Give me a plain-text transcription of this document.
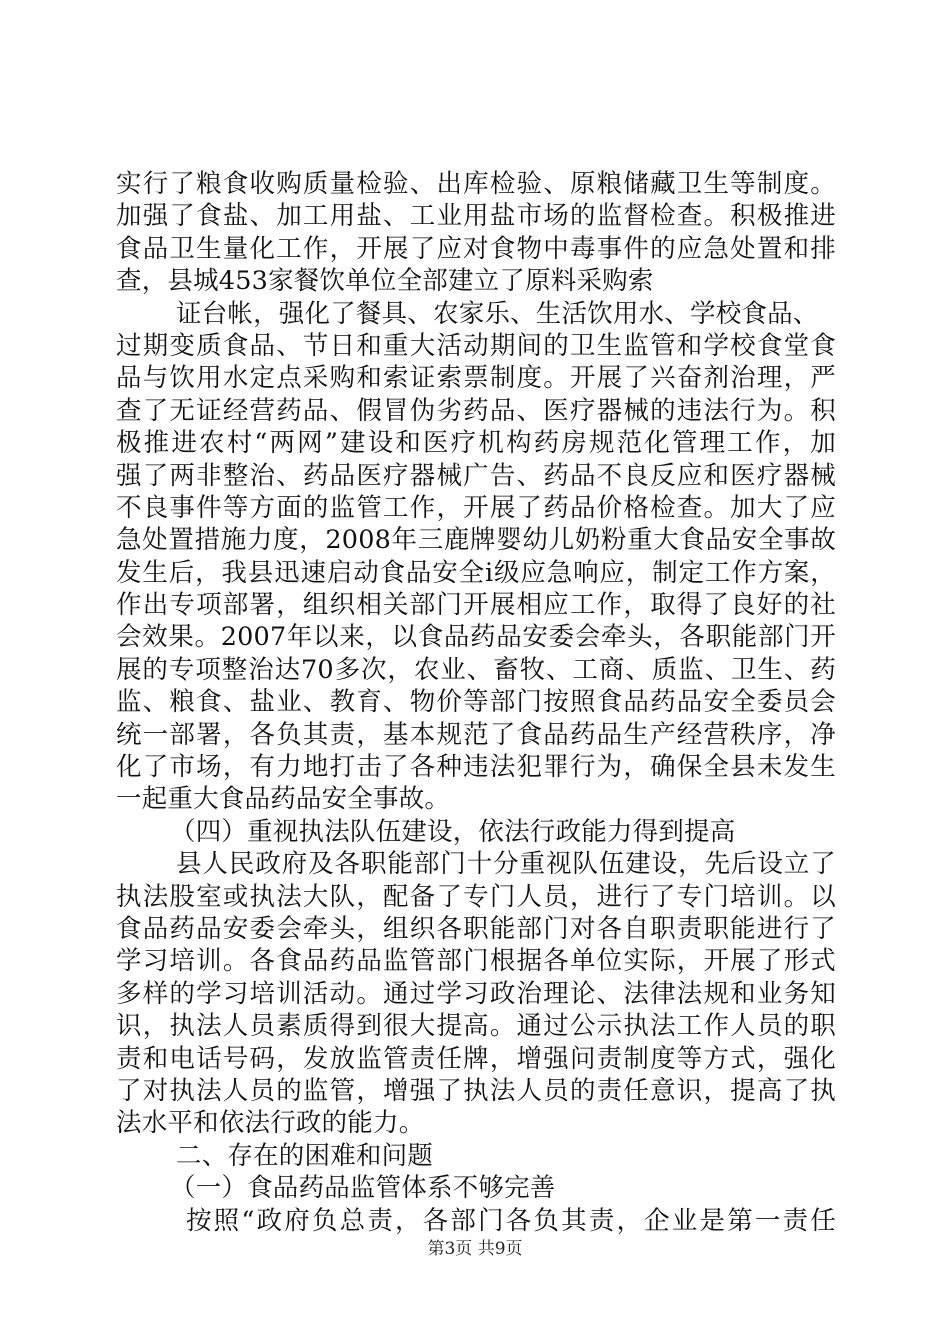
实行了粮食收购质量检验、出库检验、原粮储藏卫生等制度。
加强了食盐、加工用盐、工业用盐市场的监督检查。积极推进
食品卫生量化工作，开展了应对食物中毒事件的应急处置和排
查，县城453家餐饮单位全部建立了原料采购索
证台帐，强化了餐具、农家乐、生活饮用水、学校食品、
过期变质食品、节日和重大活动期间的卫生监管和学校食堂食
品与饮用水定点采购和索证索票制度。开展了兴奋剂治理，严
查了无证经营药品、假冒伪劣药品、医疗器械的违法行为。积
极推进农村“两网”建设和医疗机构药房规范化管理工作，加
强了两非整治、药品医疗器械广告、药品不良反应和医疗器械
不良事件等方面的监管工作，开展了药品价格检查。加大了应
急处置措施力度，2008年三鹿牌婴幼儿奶粉重大食品安全事故
发生后，我县迅速启动食品安全ⅰ级应急响应，制定工作方案，
作出专项部署，组织相关部门开展相应工作，取得了良好的社
会效果。2007年以来，以食品药品安委会牵头，各职能部门开
展的专项整治达70多次，农业、畜牧、工商、质监、卫生、药
监、粮食、盐业、教育、物价等部门按照食品药品安全委员会
统一部署，各负其责，基本规范了食品药品生产经营秩序，净
化了市场，有力地打击了各种违法犯罪行为，确保全县未发生
一起重大食品药品安全事故。
（四）重视执法队伍建设，依法行政能力得到提高
县人民政府及各职能部门十分重视队伍建设，先后设立了
执法股室或执法大队，配备了专门人员，进行了专门培训。以
食品药品安委会牵头，组织各职能部门对各自职责职能进行了
学习培训。各食品药品监管部门根据各单位实际，开展了形式
多样的学习培训活动。通过学习政治理论、法律法规和业务知
识，执法人员素质得到很大提高。通过公示执法工作人员的职
责和电话号码，发放监管责任牌，增强问责制度等方式，强化
了对执法人员的监管，增强了执法人员的责任意识，提高了执
法水平和依法行政的能力。
二、存在的困难和问题
（一）食品药品监管体系不够完善
按照“政府负总责，各部门各负其责，企业是第一责任
第3页 共9页
